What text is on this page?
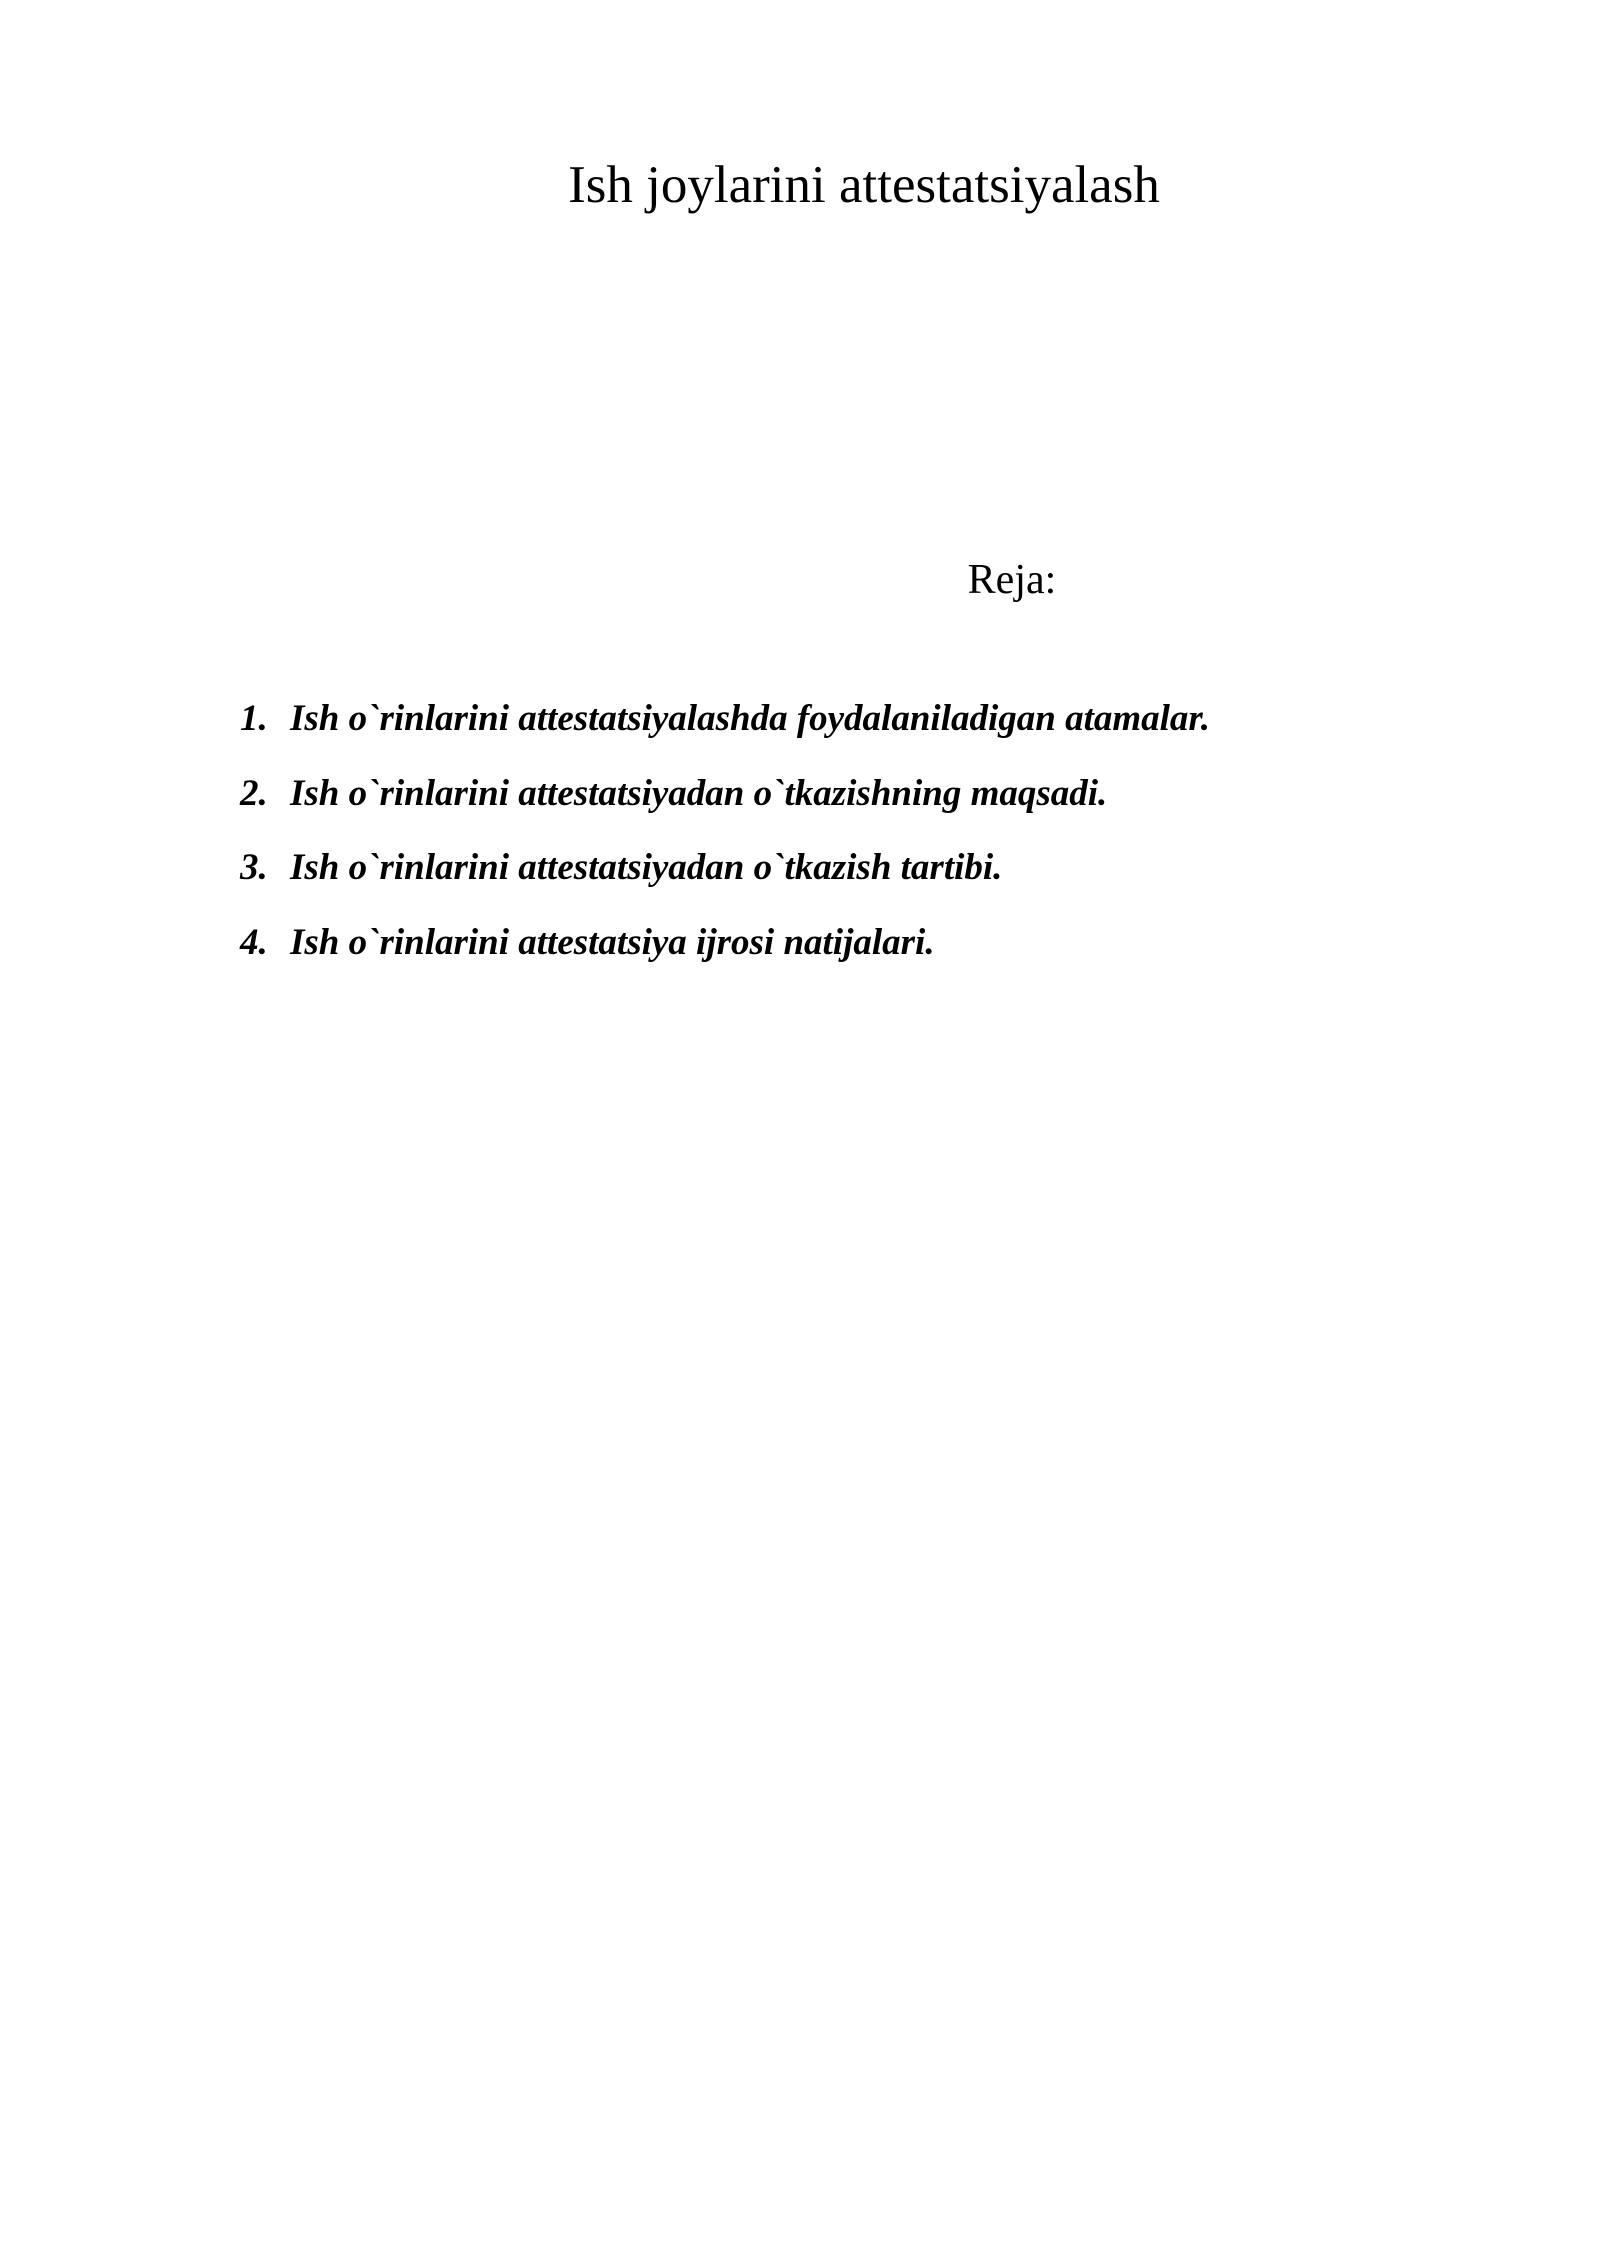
Ish joylarini attestatsiyalash
Reja:
1. Ish o`rinlarini attestatsiyalashda foydalaniladigan atamalar.
2. Ish o`rinlarini attestatsiyadan o`tkazishning maqsadi.
3. Ish o`rinlarini attestatsiyadan o`tkazish tartibi.
4. Ish o`rinlarini attestatsiya ijrosi natijalari.
